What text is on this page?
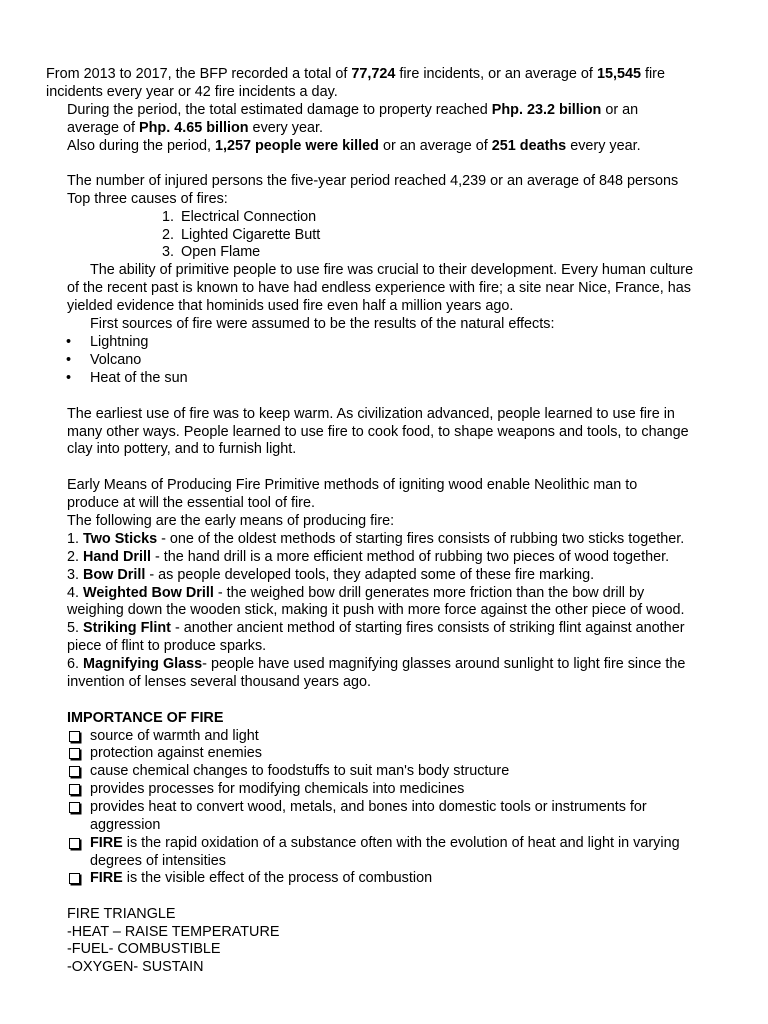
From 2013 to 2017, the BFP recorded a total of 77,724 fire incidents, or an average of 15,545 fire
incidents every year or 42 fire incidents a day.
During the period, the total estimated damage to property reached Php. 23.2 billion or an
average of Php. 4.65 billion every year.
Also during the period, 1,257 people were killed or an average of 251 deaths every year.
The number of injured persons the five-year period reached 4,239 or an average of 848 persons
Top three causes of fires:
1. Electrical Connection
2. Lighted Cigarette Butt
3. Open Flame
The ability of primitive people to use fire was crucial to their development. Every human culture
of the recent past is known to have had endless experience with fire; a site near Nice, France, has
yielded evidence that hominids used fire even half a million years ago.
First sources of fire were assumed to be the results of the natural effects:
• Lightning
• Volcano
• Heat of the sun
The earliest use of fire was to keep warm. As civilization advanced, people learned to use fire in
many other ways. People learned to use fire to cook food, to shape weapons and tools, to change
clay into pottery, and to furnish light.
Early Means of Producing Fire Primitive methods of igniting wood enable Neolithic man to
produce at will the essential tool of fire.
The following are the early means of producing fire:
1. Two Sticks - one of the oldest methods of starting fires consists of rubbing two sticks together.
2. Hand Drill - the hand drill is a more efficient method of rubbing two pieces of wood together.
3. Bow Drill - as people developed tools, they adapted some of these fire marking.
4. Weighted Bow Drill - the weighed bow drill generates more friction than the bow drill by
weighing down the wooden stick, making it push with more force against the other piece of wood.
5. Striking Flint - another ancient method of starting fires consists of striking flint against another
piece of flint to produce sparks.
6. Magnifying Glass- people have used magnifying glasses around sunlight to light fire since the
invention of lenses several thousand years ago.
IMPORTANCE OF FIRE
source of warmth and light
protection against enemies
cause chemical changes to foodstuffs to suit man's body structure
provides processes for modifying chemicals into medicines
provides heat to convert wood, metals, and bones into domestic tools or instruments for
aggression
FIRE is the rapid oxidation of a substance often with the evolution of heat and light in varying
degrees of intensities
FIRE is the visible effect of the process of combustion
FIRE TRIANGLE
-HEAT – RAISE TEMPERATURE
-FUEL- COMBUSTIBLE
-OXYGEN- SUSTAIN
